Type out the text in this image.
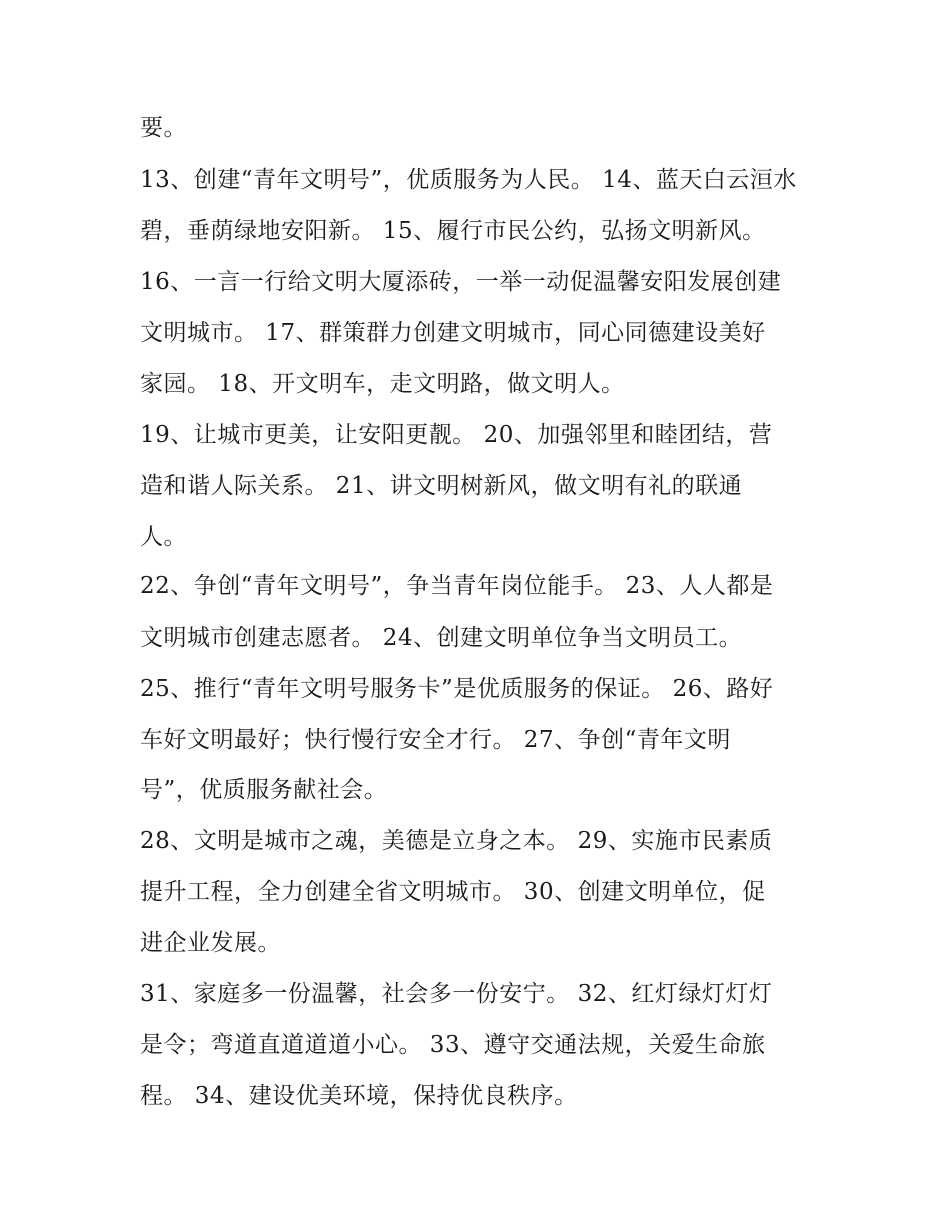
要。
13、创建“青年文明号”，优质服务为人民。 14、蓝天白云洹水
碧，垂荫绿地安阳新。 15、履行市民公约，弘扬文明新风。
16、一言一行给文明大厦添砖，一举一动促温馨安阳发展创建
文明城市。 17、群策群力创建文明城市，同心同德建设美好
家园。 18、开文明车，走文明路，做文明人。
19、让城市更美，让安阳更靓。 20、加强邻里和睦团结，营
造和谐人际关系。 21、讲文明树新风，做文明有礼的联通
人。
22、争创“青年文明号”，争当青年岗位能手。 23、人人都是
文明城市创建志愿者。 24、创建文明单位争当文明员工。
25、推行“青年文明号服务卡”是优质服务的保证。 26、路好
车好文明最好；快行慢行安全才行。 27、争创“青年文明
号”，优质服务献社会。
28、文明是城市之魂，美德是立身之本。 29、实施市民素质
提升工程，全力创建全省文明城市。 30、创建文明单位，促
进企业发展。
31、家庭多一份温馨，社会多一份安宁。 32、红灯绿灯灯灯
是令；弯道直道道道小心。 33、遵守交通法规，关爱生命旅
程。 34、建设优美环境，保持优良秩序。
